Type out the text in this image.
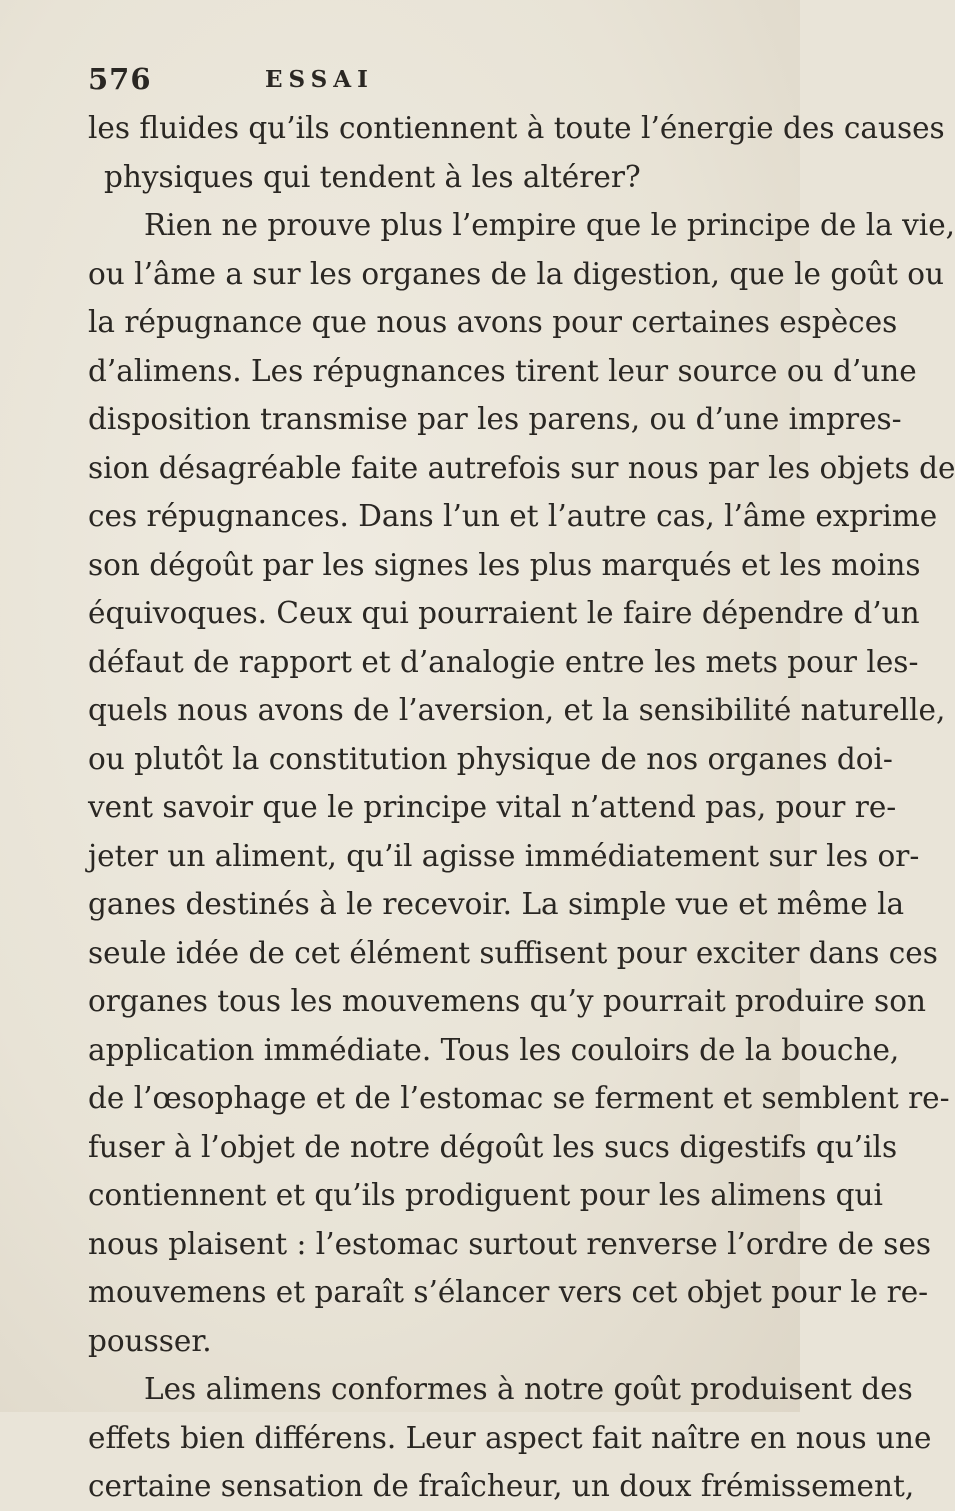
576	ESSAI
les fluides qu’ils contiennent à toute l’énergie des causes
physiques qui tendent à les altérer?
Rien ne prouve plus l’empire que le principe de la vie,
ou l’âme a sur les organes de la digestion, que le goût ou
la répugnance que nous avons pour certaines espèces
d’alimens. Les répugnances tirent leur source ou d’une
disposition transmise par les parens, ou d’une impres-
sion désagréable faite autrefois sur nous par les objets de
ces répugnances. Dans l’un et l’autre cas, l’âme exprime
son dégoût par les signes les plus marqués et les moins
équivoques. Ceux qui pourraient le faire dépendre d’un
défaut de rapport et d’analogie entre les mets pour les-
quels nous avons de l’aversion, et la sensibilité naturelle,
ou plutôt la constitution physique de nos organes doi-
vent savoir que le principe vital n’attend pas, pour re-
jeter un aliment, qu’il agisse immédiatement sur les or-
ganes destinés à le recevoir. La simple vue et même la
seule idée de cet élément suffisent pour exciter dans ces
organes tous les mouvemens qu’y pourrait produire son
application immédiate. Tous les couloirs de la bouche,
de l’œsophage et de l’estomac se ferment et semblent re-
fuser à l’objet de notre dégoût les sucs digestifs qu’ils
contiennent et qu’ils prodiguent pour les alimens qui
nous plaisent : l’estomac surtout renverse l’ordre de ses
mouvemens et paraît s’élancer vers cet objet pour le re-
pousser.
Les alimens conformes à notre goût produisent des
effets bien différens. Leur aspect fait naître en nous une
certaine sensation de fraîcheur, un doux frémissement,
